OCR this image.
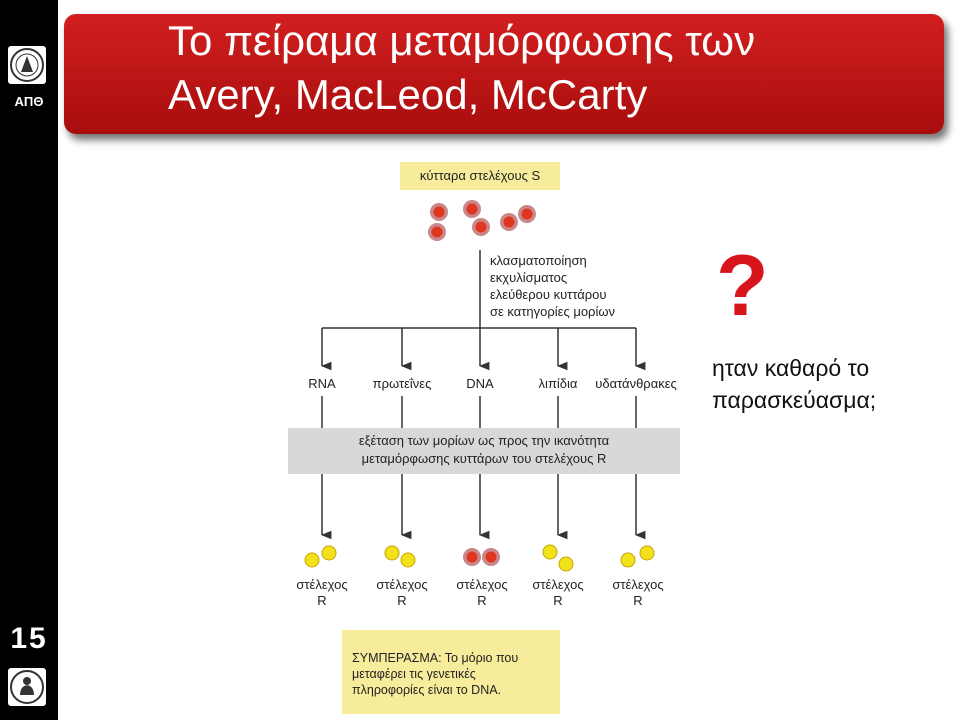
ΑΠΘ
15
Το πείραμα μεταμόρφωσης των
Avery, MacLeod, McCarty
κύτταρα στελέχους S
κλασματοποίηση
εκχυλίσματος
ελεύθερου κυττάρου
σε κατηγορίες μορίων
RNA	πρωτεΐνες	DNA	λιπίδια υδατάνθρακες
εξέταση των μορίων ως προς την ικανότητα
μεταμόρφωσης κυττάρων του στελέχους R
στέλεχος
R
στέλεχος
R
στέλεχος
R
στέλεχος
R
στέλεχος
R
ΣΥΜΠΕΡΑΣΜΑ: Το μόριο που
μεταφέρει τις γενετικές
πληροφορίες είναι το DNA.
?
ηταν καθαρό το
παρασκεύασμα;
